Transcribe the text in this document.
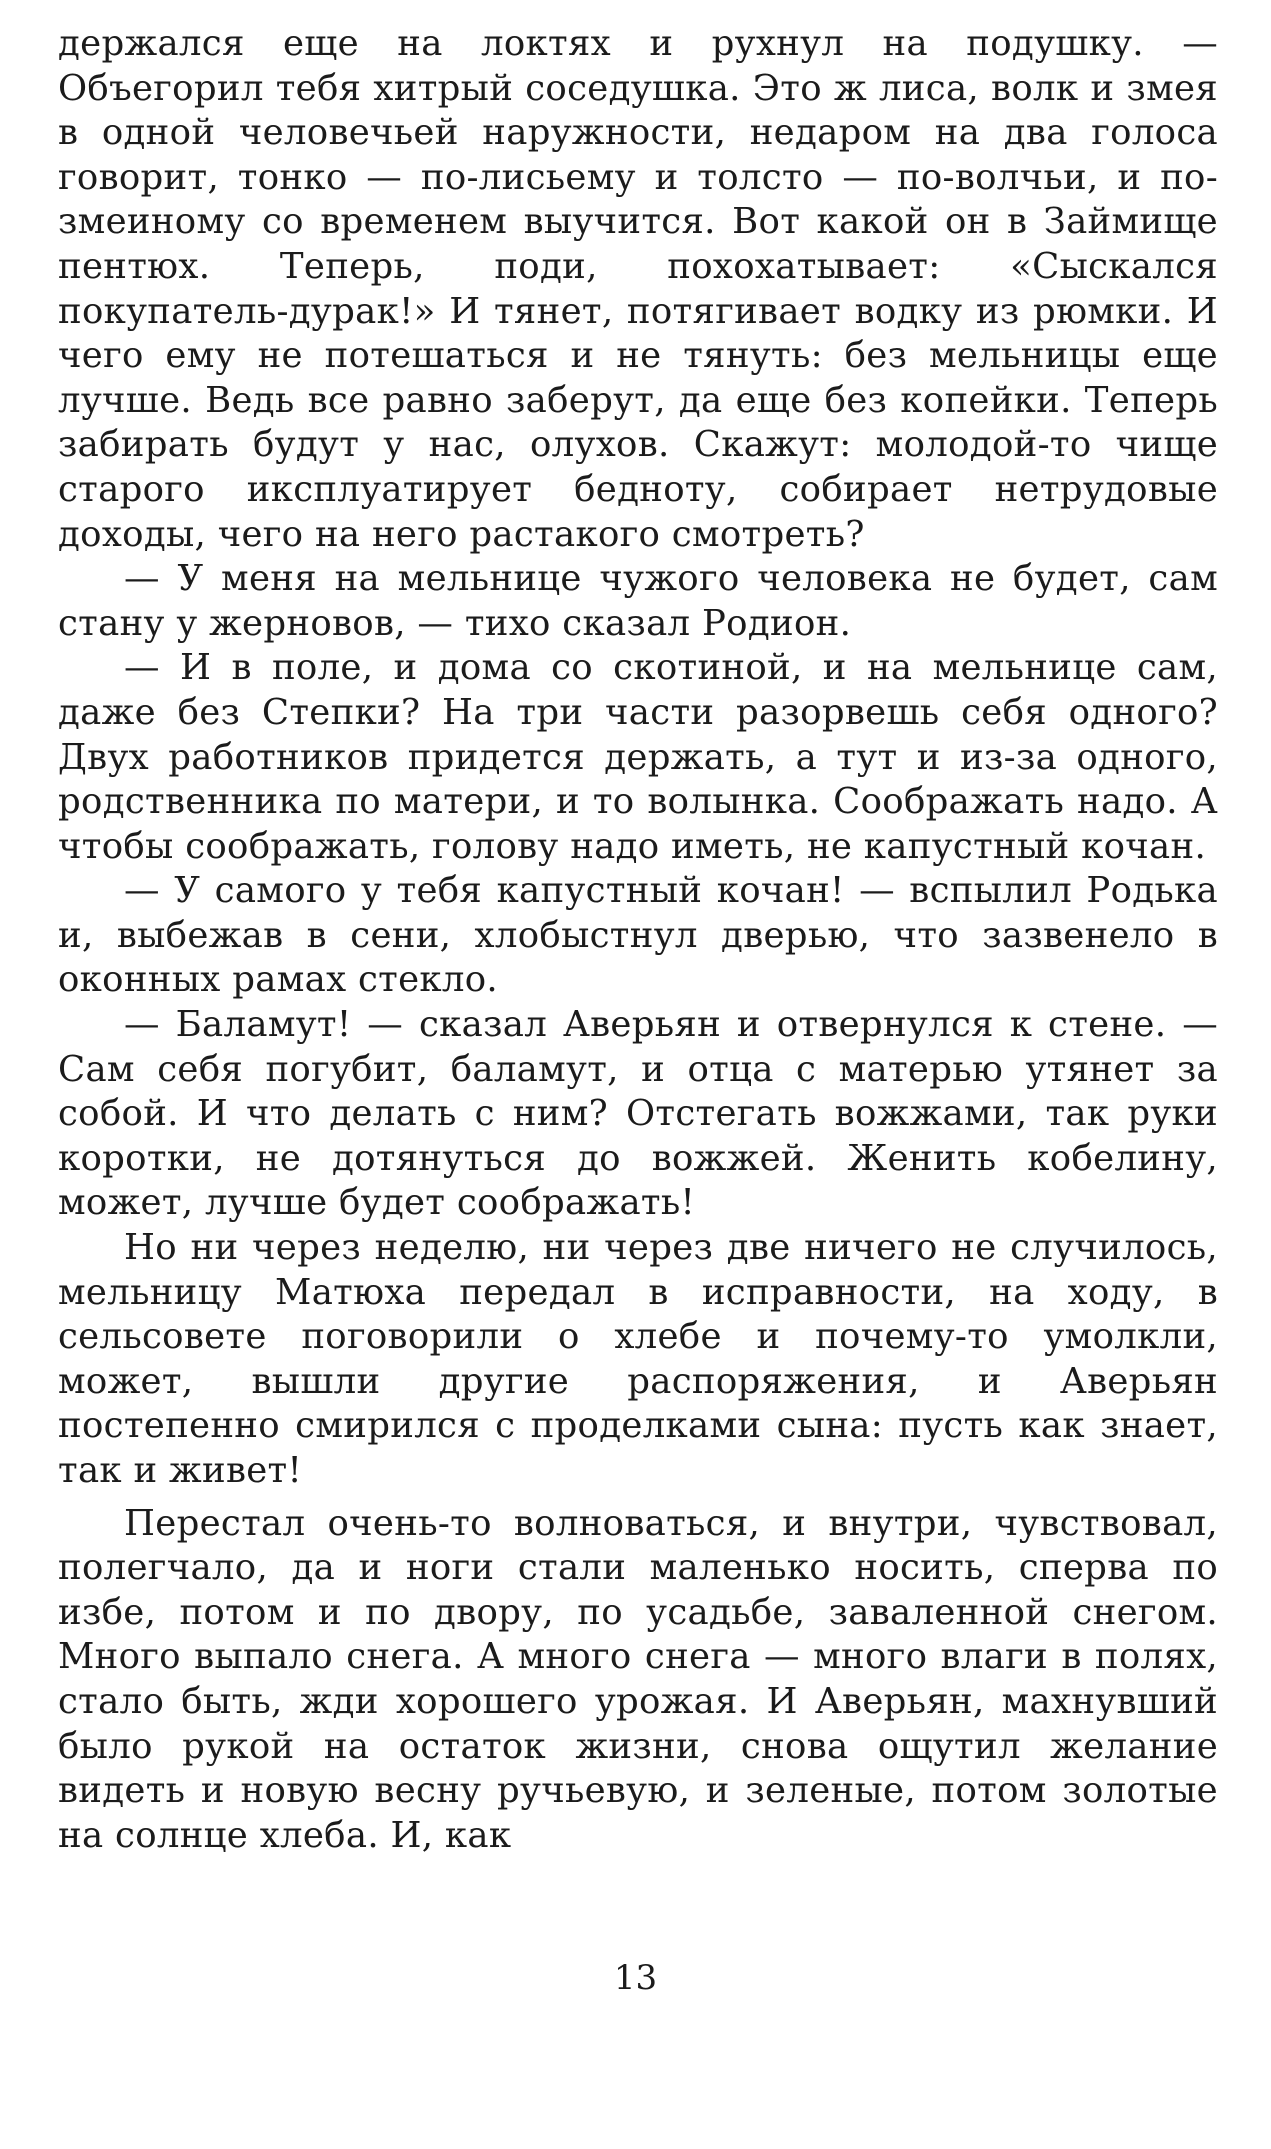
держался еще на локтях и рухнул на подушку. — Объегорил тебя хитрый соседушка. Это ж лиса, волк и змея в одной человечьей наружности, недаром на два голоса говорит, тонко — по-лисьему и толсто — по-волчьи, и по-змеиному со временем выучится. Вот какой он в Займище пентюх. Теперь, поди, похохатывает: «Сыскался покупатель-дурак!» И тянет, потягивает водку из рюмки. И чего ему не потешаться и не тянуть: без мельницы еще лучше. Ведь все равно заберут, да еще без копейки. Теперь забирать будут у нас, олухов. Скажут: молодой-то чище старого иксплуатирует бедноту, собирает нетрудовые доходы, чего на него растакого смотреть?

— У меня на мельнице чужого человека не будет, сам стану у жерновов, — тихо сказал Родион.

— И в поле, и дома со скотиной, и на мельнице сам, даже без Степки? На три части разорвешь себя одного? Двух работников придется держать, а тут и из-за одного, родственника по матери, и то волынка. Соображать надо. А чтобы соображать, голову надо иметь, не капустный кочан.

— У самого у тебя капустный кочан! — вспылил Родька и, выбежав в сени, хлобыстнул дверью, что зазвенело в оконных рамах стекло.

— Баламут! — сказал Аверьян и отвернулся к стене. — Сам себя погубит, баламут, и отца с матерью утянет за собой. И что делать с ним? Отстегать вожжами, так руки коротки, не дотянуться до вожжей. Женить кобелину, может, лучше будет соображать!

Но ни через неделю, ни через две ничего не случилось, мельницу Матюха передал в исправности, на ходу, в сельсовете поговорили о хлебе и почему-то умолкли, может, вышли другие распоряжения, и Аверьян постепенно смирился с проделками сына: пусть как знает, так и живет!

Перестал очень-то волноваться, и внутри, чувствовал, полегчало, да и ноги стали маленько носить, сперва по избе, потом и по двору, по усадьбе, заваленной снегом. Много выпало снега. А много снега — много влаги в полях, стало быть, жди хорошего урожая. И Аверьян, махнувший было рукой на остаток жизни, снова ощутил желание видеть и новую весну ручьевую, и зеленые, потом золотые на солнце хлеба. И, как

13
